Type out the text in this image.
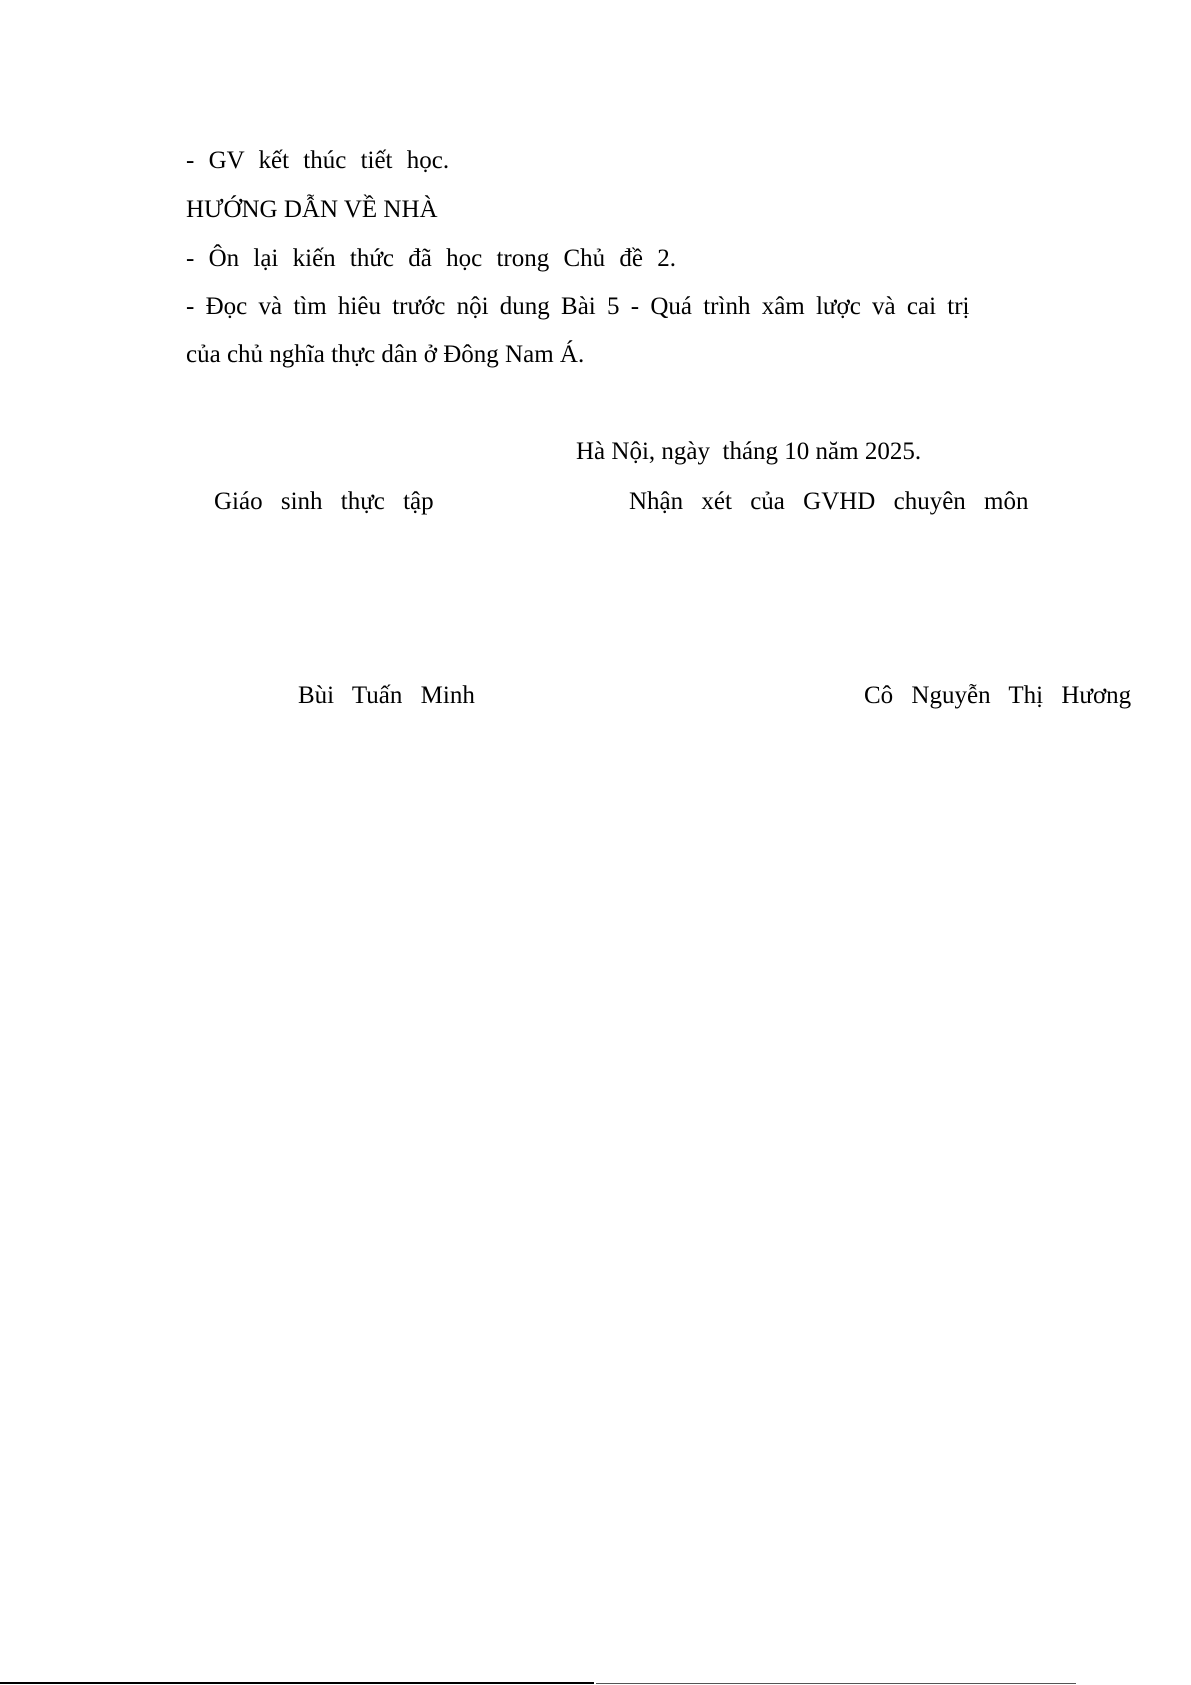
- GV kết thúc tiết học.
HƯỚNG DẪN VỀ NHÀ
- Ôn lại kiến thức đã học trong Chủ đề 2.
- Đọc và tìm hiêu trước nội dung Bài 5 - Quá trình xâm lược và cai trị
của chủ nghĩa thực dân ở Đông Nam Á.
Hà Nội, ngày  tháng 10 năm 2025.
Giáo sinh thực tập	Nhận xét của GVHD chuyên môn
Bùi Tuấn Minh	Cô Nguyễn Thị Hương
